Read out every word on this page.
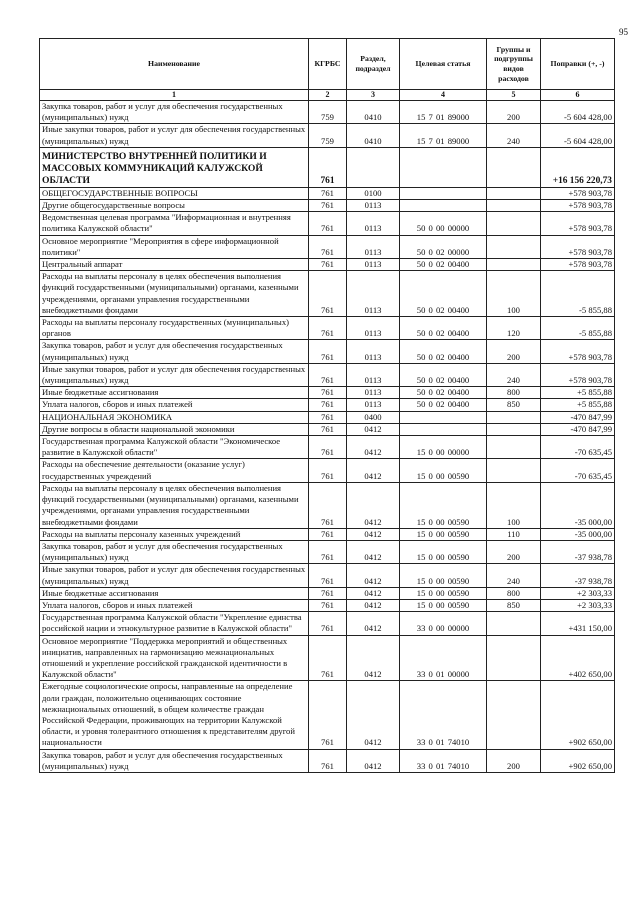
95
Наименование	КГРБС	Раздел, подраздел	Целевая статья	Группы и подгруппы видов расходов	Поправки (+, -)
1	2	3	4	5	6
Закупка товаров, работ и услуг для обеспечения государственных (муниципальных) нужд	759	0410	15 7 01 89000	200	-5 604 428,00
Иные закупки товаров, работ и услуг для обеспечения государственных (муниципальных) нужд	759	0410	15 7 01 89000	240	-5 604 428,00
МИНИСТЕРСТВО ВНУТРЕННЕЙ ПОЛИТИКИ И МАССОВЫХ КОММУНИКАЦИЙ КАЛУЖСКОЙ ОБЛАСТИ	761				+16 156 220,73
ОБЩЕГОСУДАРСТВЕННЫЕ ВОПРОСЫ	761	0100			+578 903,78
Другие общегосударственные вопросы	761	0113			+578 903,78
Ведомственная целевая программа "Информационная и внутренняя политика Калужской области"	761	0113	50 0 00 00000		+578 903,78
Основное мероприятие "Мероприятия в сфере информационной политики"	761	0113	50 0 02 00000		+578 903,78
Центральный аппарат	761	0113	50 0 02 00400		+578 903,78
Расходы на выплаты персоналу в целях обеспечения выполнения функций государственными (муниципальными) органами, казенными учреждениями, органами управления государственными внебюджетными фондами	761	0113	50 0 02 00400	100	-5 855,88
Расходы на выплаты персоналу государственных (муниципальных) органов	761	0113	50 0 02 00400	120	-5 855,88
Закупка товаров, работ и услуг для обеспечения государственных (муниципальных) нужд	761	0113	50 0 02 00400	200	+578 903,78
Иные закупки товаров, работ и услуг для обеспечения государственных (муниципальных) нужд	761	0113	50 0 02 00400	240	+578 903,78
Иные бюджетные ассигнования	761	0113	50 0 02 00400	800	+5 855,88
Уплата налогов, сборов и иных платежей	761	0113	50 0 02 00400	850	+5 855,88
НАЦИОНАЛЬНАЯ ЭКОНОМИКА	761	0400			-470 847,99
Другие вопросы в области национальной экономики	761	0412			-470 847,99
Государственная программа Калужской области "Экономическое развитие в Калужской области"	761	0412	15 0 00 00000		-70 635,45
Расходы на обеспечение деятельности (оказание услуг) государственных учреждений	761	0412	15 0 00 00590		-70 635,45
Расходы на выплаты персоналу в целях обеспечения выполнения функций государственными (муниципальными) органами, казенными учреждениями, органами управления государственными внебюджетными фондами	761	0412	15 0 00 00590	100	-35 000,00
Расходы на выплаты персоналу казенных учреждений	761	0412	15 0 00 00590	110	-35 000,00
Закупка товаров, работ и услуг для обеспечения государственных (муниципальных) нужд	761	0412	15 0 00 00590	200	-37 938,78
Иные закупки товаров, работ и услуг для обеспечения государственных (муниципальных) нужд	761	0412	15 0 00 00590	240	-37 938,78
Иные бюджетные ассигнования	761	0412	15 0 00 00590	800	+2 303,33
Уплата налогов, сборов и иных платежей	761	0412	15 0 00 00590	850	+2 303,33
Государственная программа Калужской области "Укрепление единства российской нации и этнокультурное развитие в Калужской области"	761	0412	33 0 00 00000		+431 150,00
Основное мероприятие "Поддержка мероприятий и общественных инициатив, направленных на гармонизацию межнациональных отношений и укрепление российской гражданской идентичности в Калужской области"	761	0412	33 0 01 00000		+402 650,00
Ежегодные социологические опросы, направленные на определение доли граждан, положительно оценивающих состояние межнациональных отношений, в общем количестве граждан Российской Федерации, проживающих на территории Калужской области, и уровня толерантного отношения к представителям другой национальности	761	0412	33 0 01 74010		+902 650,00
Закупка товаров, работ и услуг для обеспечения государственных (муниципальных) нужд	761	0412	33 0 01 74010	200	+902 650,00
